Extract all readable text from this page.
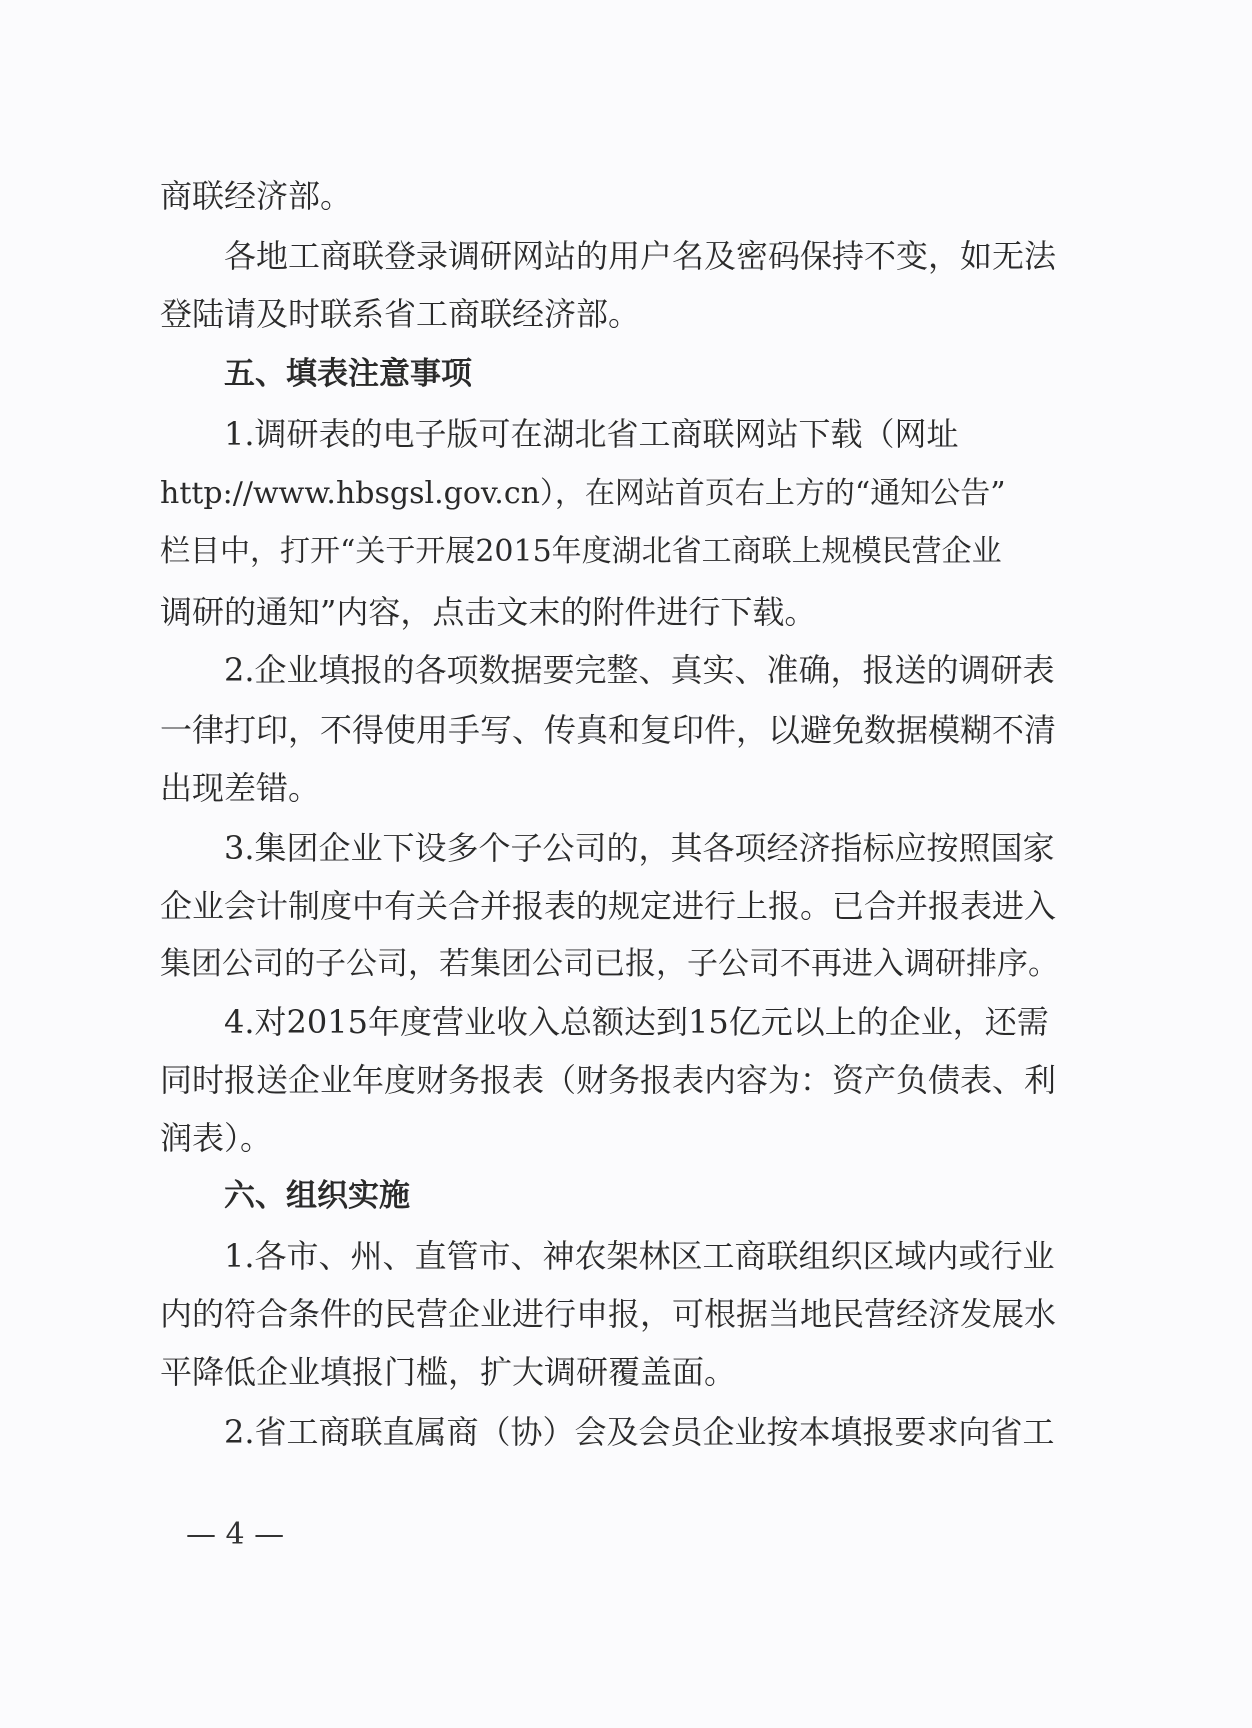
商联经济部。
各地工商联登录调研网站的用户名及密码保持不变，如无法
登陆请及时联系省工商联经济部。
五、填表注意事项
1.调研表的电子版可在湖北省工商联网站下载（网址
http://www.hbsgsl.gov.cn），在网站首页右上方的“通知公告”
栏目中，打开“关于开展2015年度湖北省工商联上规模民营企业
调研的通知”内容，点击文末的附件进行下载。
2.企业填报的各项数据要完整、真实、准确，报送的调研表
一律打印，不得使用手写、传真和复印件，以避免数据模糊不清
出现差错。
3.集团企业下设多个子公司的，其各项经济指标应按照国家
企业会计制度中有关合并报表的规定进行上报。已合并报表进入
集团公司的子公司，若集团公司已报，子公司不再进入调研排序。
4.对2015年度营业收入总额达到15亿元以上的企业，还需
同时报送企业年度财务报表（财务报表内容为：资产负债表、利
润表）。
六、组织实施
1.各市、州、直管市、神农架林区工商联组织区域内或行业
内的符合条件的民营企业进行申报，可根据当地民营经济发展水
平降低企业填报门槛，扩大调研覆盖面。
2.省工商联直属商（协）会及会员企业按本填报要求向省工
— 4 —
